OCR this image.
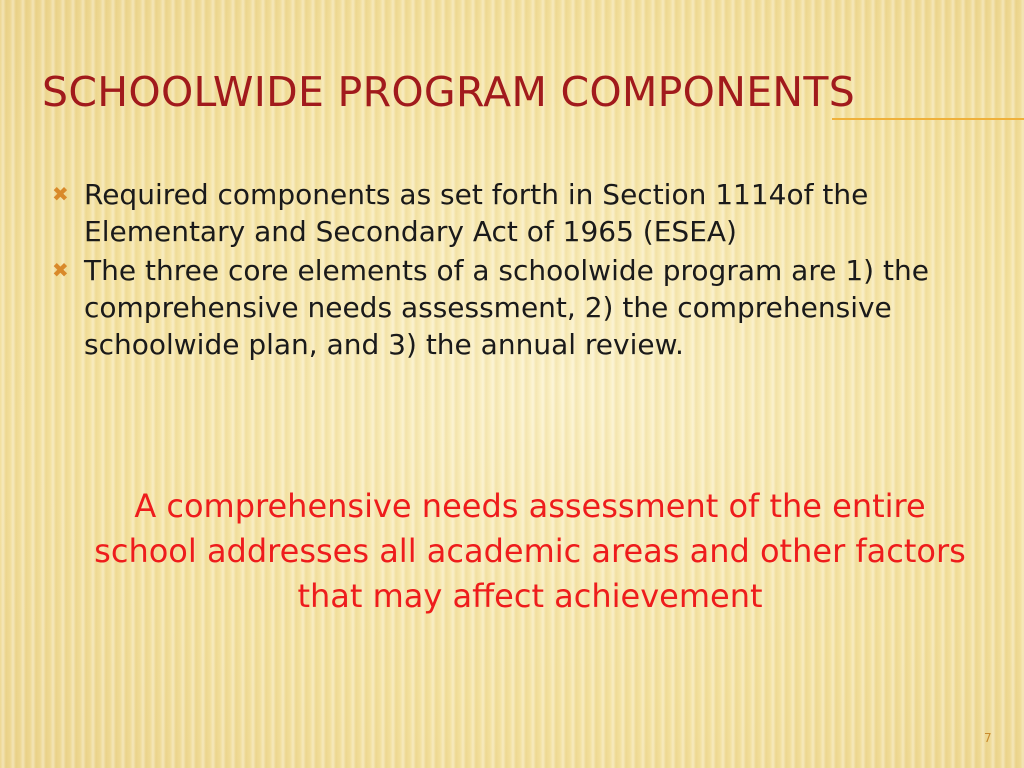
SCHOOLWIDE PROGRAM COMPONENTS
✖ Required components as set forth in Section 1114of the Elementary and Secondary Act of 1965 (ESEA)
✖ The three core elements of a schoolwide program are 1) the comprehensive needs assessment, 2) the comprehensive schoolwide plan, and 3) the annual review.

A comprehensive needs assessment of the entire school addresses all academic areas and other factors that may affect achievement

7
